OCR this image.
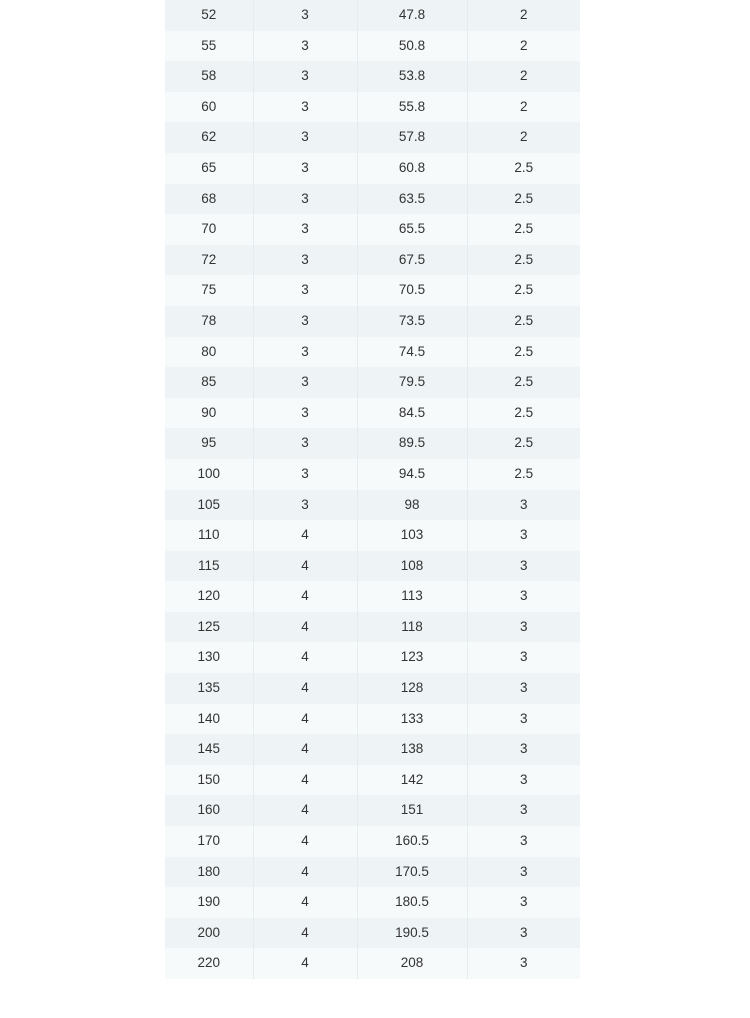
52	3	47.8	2
55	3	50.8	2
58	3	53.8	2
60	3	55.8	2
62	3	57.8	2
65	3	60.8	2.5
68	3	63.5	2.5
70	3	65.5	2.5
72	3	67.5	2.5
75	3	70.5	2.5
78	3	73.5	2.5
80	3	74.5	2.5
85	3	79.5	2.5
90	3	84.5	2.5
95	3	89.5	2.5
100	3	94.5	2.5
105	3	98	3
110	4	103	3
115	4	108	3
120	4	113	3
125	4	118	3
130	4	123	3
135	4	128	3
140	4	133	3
145	4	138	3
150	4	142	3
160	4	151	3
170	4	160.5	3
180	4	170.5	3
190	4	180.5	3
200	4	190.5	3
220	4	208	3
